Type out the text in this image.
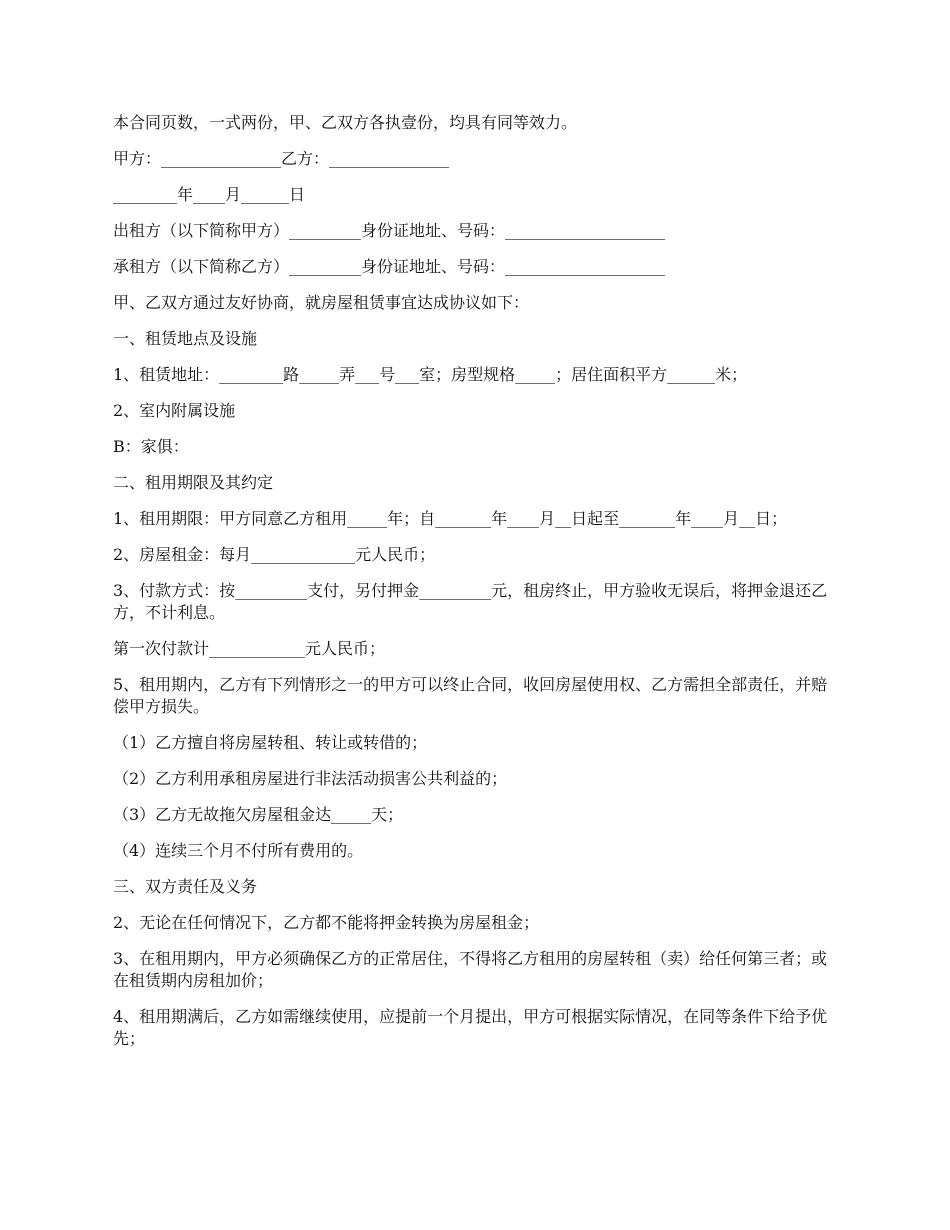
本合同页数，一式两份，甲、乙双方各执壹份，均具有同等效力。

甲方：_______________乙方：_______________

________年____月______日

出租方（以下简称甲方）_________身份证地址、号码：____________________

承租方（以下简称乙方）_________身份证地址、号码：____________________

甲、乙双方通过友好协商，就房屋租赁事宜达成协议如下：

一、租赁地点及设施

1、租赁地址：________路_____弄___号___室；房型规格_____；居住面积平方______米；

2、室内附属设施

B：家俱：

二、租用期限及其约定

1、租用期限：甲方同意乙方租用_____年；自_______年____月__日起至_______年____月__日；

2、房屋租金：每月_____________元人民币；

3、付款方式：按_________支付，另付押金_________元，租房终止，甲方验收无误后，将押金退还乙方，不计利息。

第一次付款计____________元人民币；

5、租用期内，乙方有下列情形之一的甲方可以终止合同，收回房屋使用权、乙方需担全部责任，并赔偿甲方损失。

（1）乙方擅自将房屋转租、转让或转借的；

（2）乙方利用承租房屋进行非法活动损害公共利益的；

（3）乙方无故拖欠房屋租金达_____天；

（4）连续三个月不付所有费用的。

三、双方责任及义务

2、无论在任何情况下，乙方都不能将押金转换为房屋租金；

3、在租用期内，甲方必须确保乙方的正常居住，不得将乙方租用的房屋转租（卖）给任何第三者；或在租赁期内房租加价；

4、租用期满后，乙方如需继续使用，应提前一个月提出，甲方可根据实际情况，在同等条件下给予优先；
